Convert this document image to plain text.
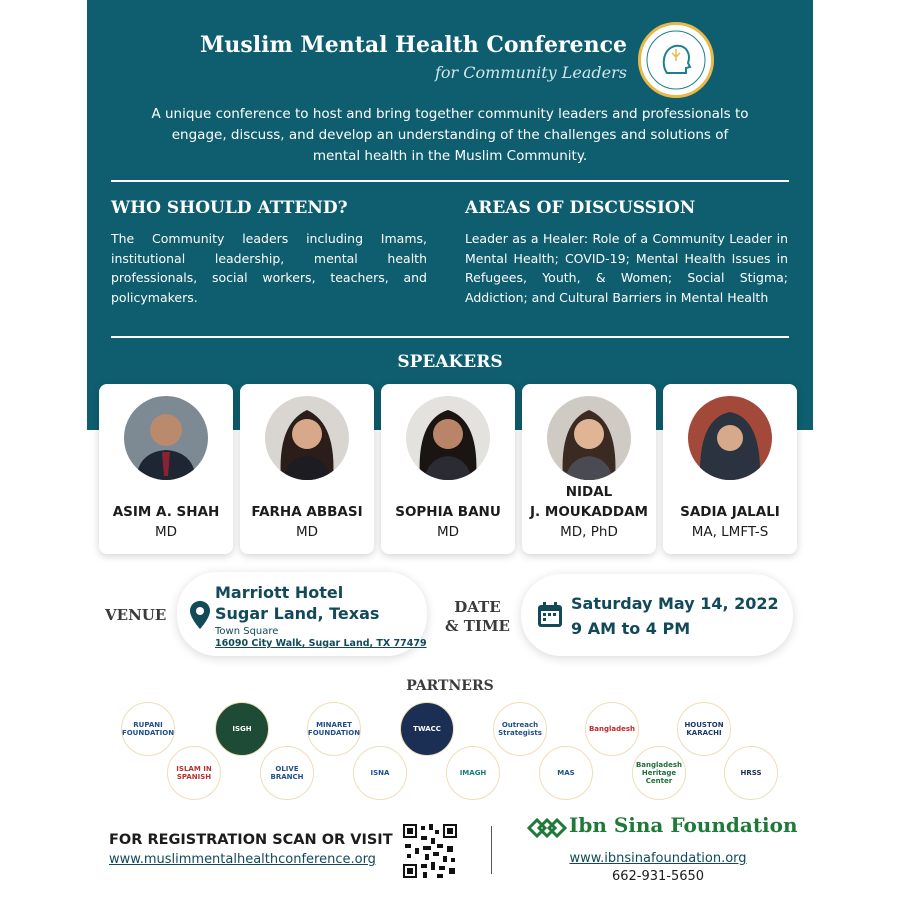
Muslim Mental Health Conference
for Community Leaders
A unique conference to host and bring together community leaders and professionals to engage, discuss, and develop an understanding of the challenges and solutions of mental health in the Muslim Community.
WHO SHOULD ATTEND?
The Community leaders including Imams, institutional leadership, mental health professionals, social workers, teachers, and policymakers.
AREAS OF DISCUSSION
Leader as a Healer: Role of a Community Leader in Mental Health; COVID-19; Mental Health Issues in Refugees, Youth, & Women; Social Stigma; Addiction; and Cultural Barriers in Mental Health
SPEAKERS
ASIM A. SHAH
MD
FARHA ABBASI
MD
SOPHIA BANU
MD
NIDAL
J. MOUKADDAM
MD, PhD
SADIA JALALI
MA, LMFT-S
VENUE
Marriott Hotel
Sugar Land, Texas
Town Square
16090 City Walk, Sugar Land, TX 77479
DATE
& TIME
Saturday May 14, 2022
9 AM to 4 PM
PARTNERS
RUPANI FOUNDATION	ISGH	MINARET FOUNDATION	TWACC	Outreach Strategists	Bangladesh	HOUSTON KARACHI
ISLAM IN SPANISH
OLIVE BRANCH	ISNA	IMAGH	MAS
Bangladesh Heritage Center
HRSS
FOR REGISTRATION SCAN OR VISIT
www.muslimmentalhealthconference.org
Ibn Sina Foundation
www.ibnsinafoundation.org
662-931-5650
